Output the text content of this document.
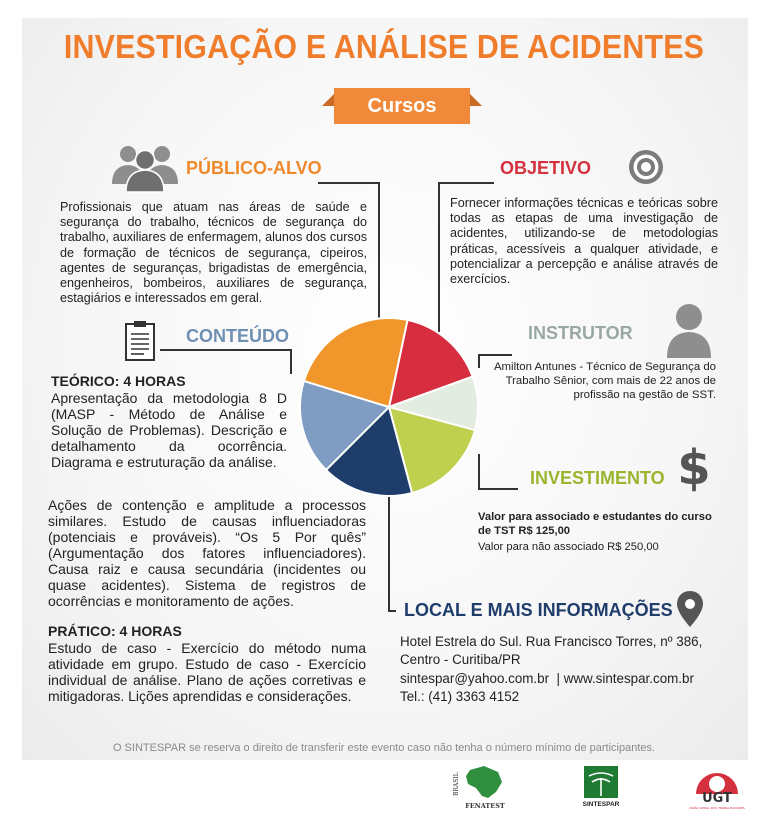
INVESTIGAÇÃO E ANÁLISE DE ACIDENTES
Cursos
PÚBLICO-ALVO
Profissionais que atuam nas áreas de saúde e segurança do trabalho, técnicos de segurança do trabalho, auxiliares de enfermagem, alunos dos cursos de formação de técnicos de segurança, cipeiros, agentes de seguranças, brigadistas de emergência, engenheiros, bombeiros, auxiliares de segurança, estagiários e interessados em geral.
OBJETIVO
Fornecer informações técnicas e teóricas sobre todas as etapas de uma investigação de acidentes, utilizando-se de metodologias práticas, acessíveis a qualquer atividade, e potencializar a percepção e análise através de exercícios.
CONTEÚDO
TEÓRICO: 4 HORAS
Apresentação da metodologia 8 D (MASP - Método de Análise e Solução de Problemas). Descrição e detalhamento da ocorrência. Diagrama e estruturação da análise.
Ações de contenção e amplitude a processos similares. Estudo de causas influenciadoras (potenciais e prováveis). “Os 5 Por quês” (Argumentação dos fatores influenciadores). Causa raiz e causa secundária (incidentes ou quase acidentes). Sistema de registros de ocorrências e monitoramento de ações.
PRÁTICO: 4 HORAS
Estudo de caso - Exercício do método numa atividade em grupo. Estudo de caso - Exercício individual de análise. Plano de ações corretivas e mitigadoras. Lições aprendidas e considerações.
INSTRUTOR
Amilton Antunes - Técnico de Segurança do Trabalho Sênior, com mais de 22 anos de profissão na gestão de SST.
INVESTIMENTO $
Valor para associado e estudantes do curso de TST R$ 125,00
Valor para não associado R$ 250,00
LOCAL E MAIS INFORMAÇÕES
Hotel Estrela do Sul. Rua Francisco Torres, nº 386, Centro - Curitiba/PR
sintespar@yahoo.com.br  | www.sintespar.com.br
Tel.: (41) 3363 4152
O SINTESPAR se reserva o direito de transferir este evento caso não tenha o número mínimo de participantes.
BRASIL
FENATEST	SINTESPAR	UGT
UNIÃO GERAL DOS TRABALHADORES
